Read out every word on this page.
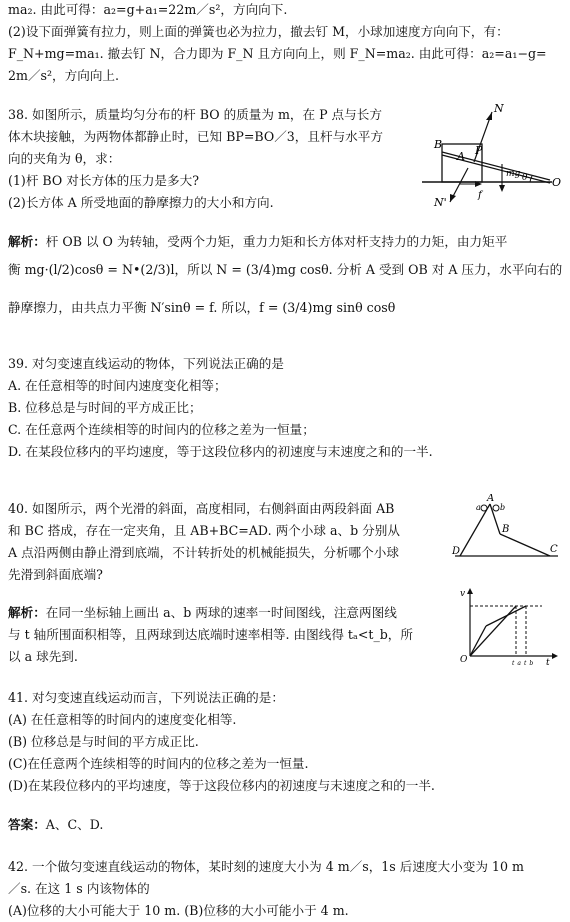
ma₂. 由此可得：a₂=g+a₁=22m／s²，方向向下.
(2)设下面弹簧有拉力，则上面的弹簧也必为拉力，撤去钉 M，小球加速度方向向下，有：
F_N+mg=ma₁. 撤去钉 N，合力即为 F_N 且方向向上，则 F_N=ma₂. 由此可得：a₂=a₁−g=
2m／s²，方向向上.
38. 如图所示，质量均匀分布的杆 BO 的质量为 m，在 P 点与长方
体木块接触，为两物体都静止时，已知 BP=BO／3，且杆与水平方
向的夹角为 θ，求：
(1)杆 BO 对长方体的压力是多大?
(2)长方体 A 所受地面的静摩擦力的大小和方向.
N
B	P
A
f
mg θ O
N'
解析：杆 OB 以 O 为转轴，受两个力矩，重力力矩和长方体对杆支持力的力矩，由力矩平
衡 mg·(l/2)cosθ = N•(2/3)l，所以 N = (3/4)mg cosθ. 分析 A 受到 OB 对 A 压力，水平向右的
静摩擦力，由共点力平衡 N′sinθ = f. 所以，f = (3/4)mg sinθ cosθ
39. 对匀变速直线运动的物体，下列说法正确的是
A. 在任意相等的时间内速度变化相等；
B. 位移总是与时间的平方成正比；
C. 在任意两个连续相等的时间内的位移之差为一恒量；
D. 在某段位移内的平均速度，等于这段位移内的初速度与末速度之和的一半.
40. 如图所示，两个光滑的斜面，高度相同，右侧斜面由两段斜面 AB
和 BC 搭成，存在一定夹角，且 AB+BC=AD. 两个小球 a、b 分别从
A 点沿两侧由静止滑到底端，不计转折处的机械能损失，分析哪个小球
先滑到斜面底端?
A
a b
B
D	C
解析：在同一坐标轴上画出 a、b 两球的速率一时间图线，注意两图线
与 t 轴所围面积相等，且两球到达底端时速率相等. 由图线得 tₐ<t_b，所
以 a 球先到.
v
O	t_a t_b t
41. 对匀变速直线运动而言，下列说法正确的是：
(A) 在任意相等的时间内的速度变化相等.
(B) 位移总是与时间的平方成正比.
(C)在任意两个连续相等的时间内的位移之差为一恒量.
(D)在某段位移内的平均速度，等于这段位移内的初速度与末速度之和的一半.
答案：A、C、D.
42. 一个做匀变速直线运动的物体，某时刻的速度大小为 4 m／s，1s 后速度大小变为 10 m
／s. 在这 1 s 内该物体的
(A)位移的大小可能大于 10 m. (B)位移的大小可能小于 4 m.
